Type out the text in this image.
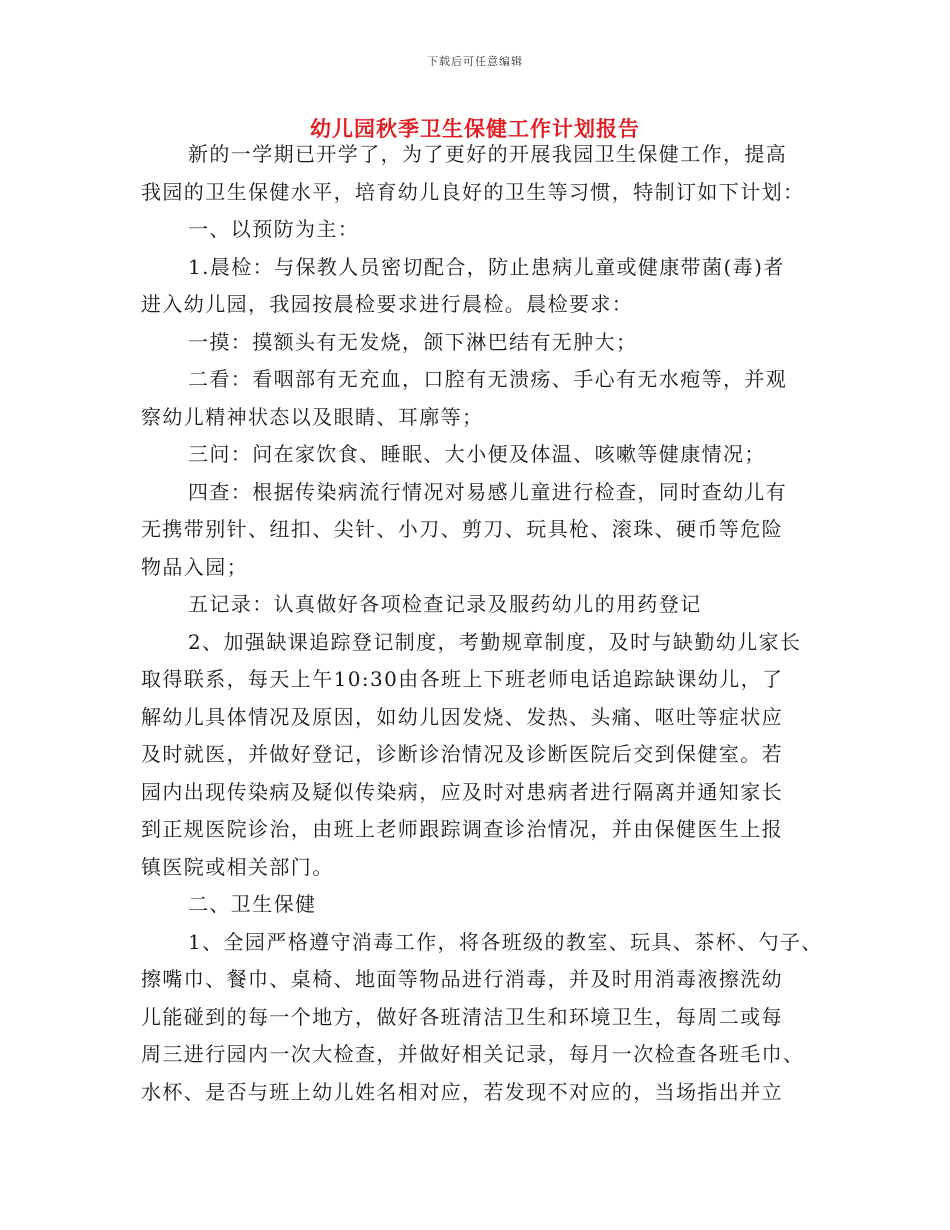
下载后可任意编辑
幼儿园秋季卫生保健工作计划报告
新的一学期已开学了，为了更好的开展我园卫生保健工作，提高
我园的卫生保健水平，培育幼儿良好的卫生等习惯，特制订如下计划：
一、以预防为主：
1.晨检：与保教人员密切配合，防止患病儿童或健康带菌(毒)者
进入幼儿园，我园按晨检要求进行晨检。晨检要求：
一摸：摸额头有无发烧，颌下淋巴结有无肿大；
二看：看咽部有无充血，口腔有无溃疡、手心有无水疱等，并观
察幼儿精神状态以及眼睛、耳廓等；
三问：问在家饮食、睡眠、大小便及体温、咳嗽等健康情况；
四查：根据传染病流行情况对易感儿童进行检查，同时查幼儿有
无携带别针、纽扣、尖针、小刀、剪刀、玩具枪、滚珠、硬币等危险
物品入园；
五记录：认真做好各项检查记录及服药幼儿的用药登记
2、加强缺课追踪登记制度，考勤规章制度，及时与缺勤幼儿家长
取得联系，每天上午10:30由各班上下班老师电话追踪缺课幼儿，了
解幼儿具体情况及原因，如幼儿因发烧、发热、头痛、呕吐等症状应
及时就医，并做好登记，诊断诊治情况及诊断医院后交到保健室。若
园内出现传染病及疑似传染病，应及时对患病者进行隔离并通知家长
到正规医院诊治，由班上老师跟踪调查诊治情况，并由保健医生上报
镇医院或相关部门。
二、卫生保健
1、全园严格遵守消毒工作，将各班级的教室、玩具、茶杯、勺子、
擦嘴巾、餐巾、桌椅、地面等物品进行消毒，并及时用消毒液擦洗幼
儿能碰到的每一个地方，做好各班清洁卫生和环境卫生，每周二或每
周三进行园内一次大检查，并做好相关记录，每月一次检查各班毛巾、
水杯、是否与班上幼儿姓名相对应，若发现不对应的，当场指出并立
